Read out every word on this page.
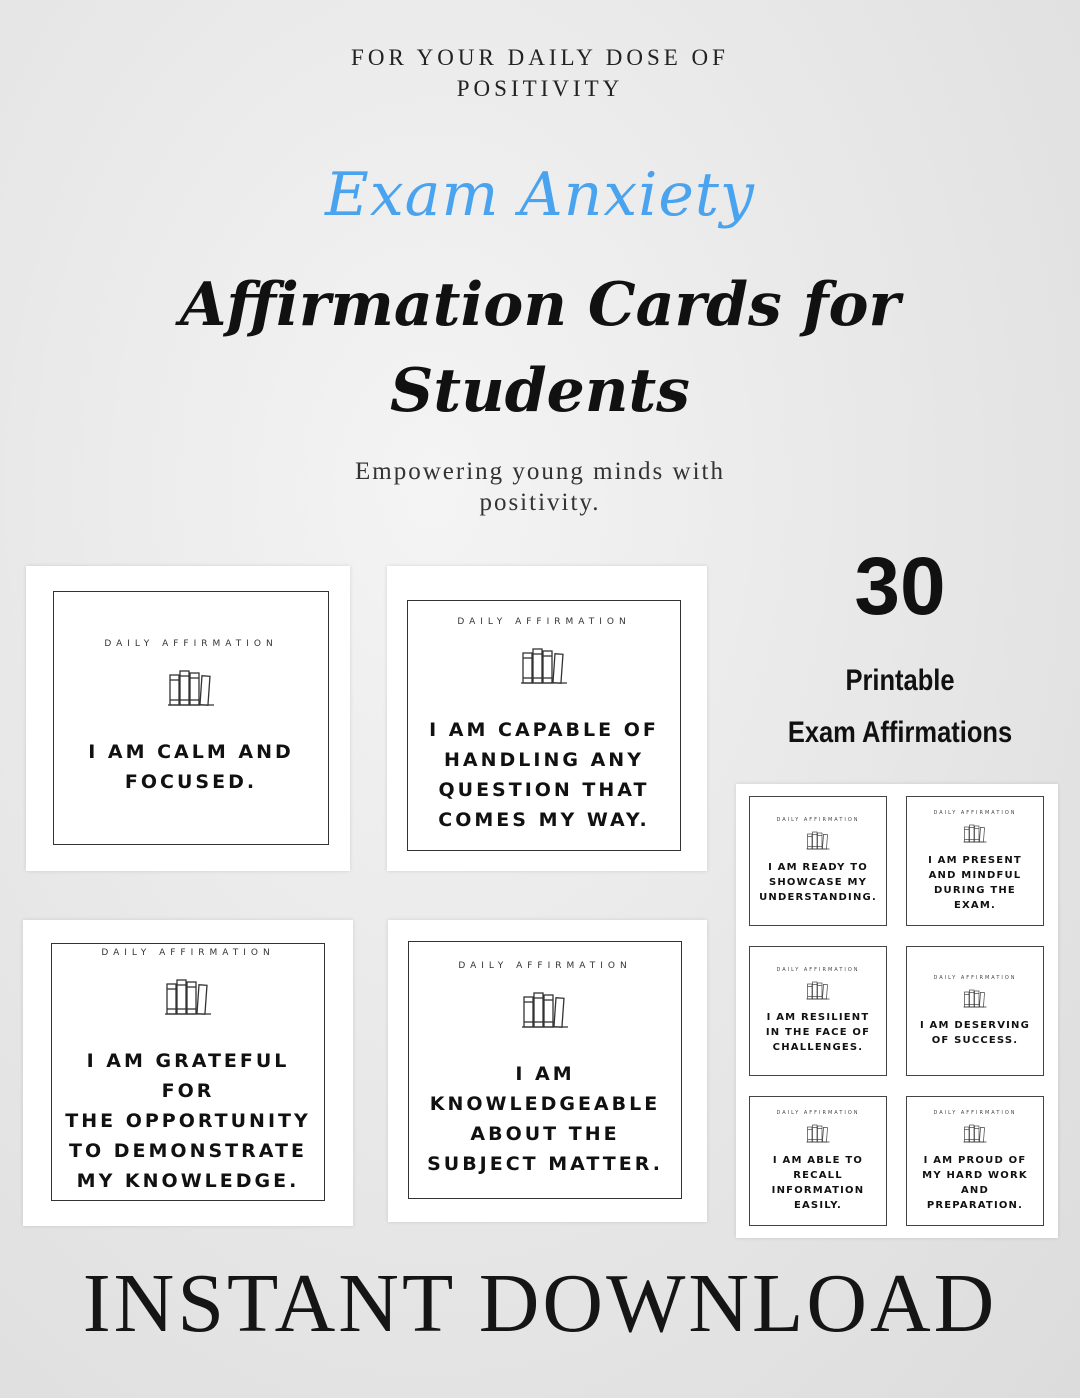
FOR YOUR DAILY DOSE OF
POSITIVITY
Exam Anxiety
Affirmation Cards for
Students
Empowering young minds with
positivity.
DAILY AFFIRMATION
I AM CALM AND
FOCUSED.
DAILY AFFIRMATION
I AM CAPABLE OF
HANDLING ANY
QUESTION THAT
COMES MY WAY.
DAILY AFFIRMATION
I AM GRATEFUL FOR
THE OPPORTUNITY
TO DEMONSTRATE
MY KNOWLEDGE.
DAILY AFFIRMATION
I AM
KNOWLEDGEABLE
ABOUT THE
SUBJECT MATTER.
30
Printable
Exam Affirmations
DAILY AFFIRMATION
I AM READY TO
SHOWCASE MY
UNDERSTANDING.
DAILY AFFIRMATION
I AM PRESENT
AND MINDFUL
DURING THE
EXAM.
DAILY AFFIRMATION
I AM RESILIENT
IN THE FACE OF
CHALLENGES.
DAILY AFFIRMATION
I AM DESERVING
OF SUCCESS.
DAILY AFFIRMATION
I AM ABLE TO
RECALL
INFORMATION
EASILY.
DAILY AFFIRMATION
I AM PROUD OF
MY HARD WORK
AND
PREPARATION.
INSTANT DOWNLOAD
